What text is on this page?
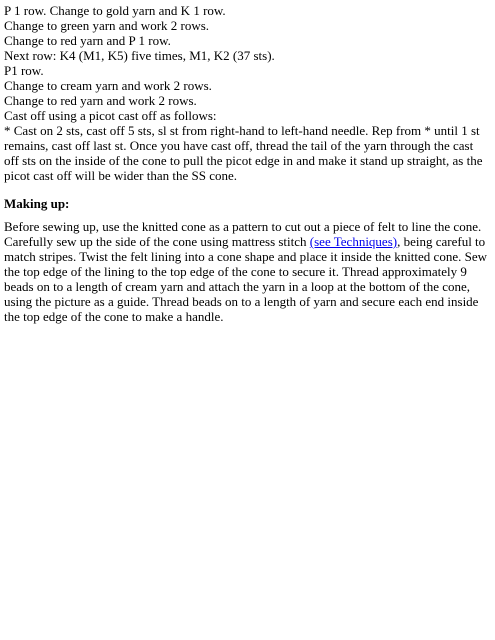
P 1 row. Change to gold yarn and K 1 row.

Change to green yarn and work 2 rows.

Change to red yarn and P 1 row.

Next row: K4 (M1, K5) five times, M1, K2 (37 sts).

P1 row.

Change to cream yarn and work 2 rows.

Change to red yarn and work 2 rows.

Cast off using a picot cast off as follows:

* Cast on 2 sts, cast off 5 sts, sl st from right-hand to left-hand needle. Rep from * until 1 st remains, cast off last st. Once you have cast off, thread the tail of the yarn through the cast off sts on the inside of the cone to pull the picot edge in and make it stand up straight, as the picot cast off will be wider than the SS cone.

Making up:

Before sewing up, use the knitted cone as a pattern to cut out a piece of felt to line the cone. Carefully sew up the side of the cone using mattress stitch (see Techniques), being careful to match stripes. Twist the felt lining into a cone shape and place it inside the knitted cone. Sew the top edge of the lining to the top edge of the cone to secure it. Thread approximately 9 beads on to a length of cream yarn and attach the yarn in a loop at the bottom of the cone, using the picture as a guide. Thread beads on to a length of yarn and secure each end inside the top edge of the cone to make a handle.
